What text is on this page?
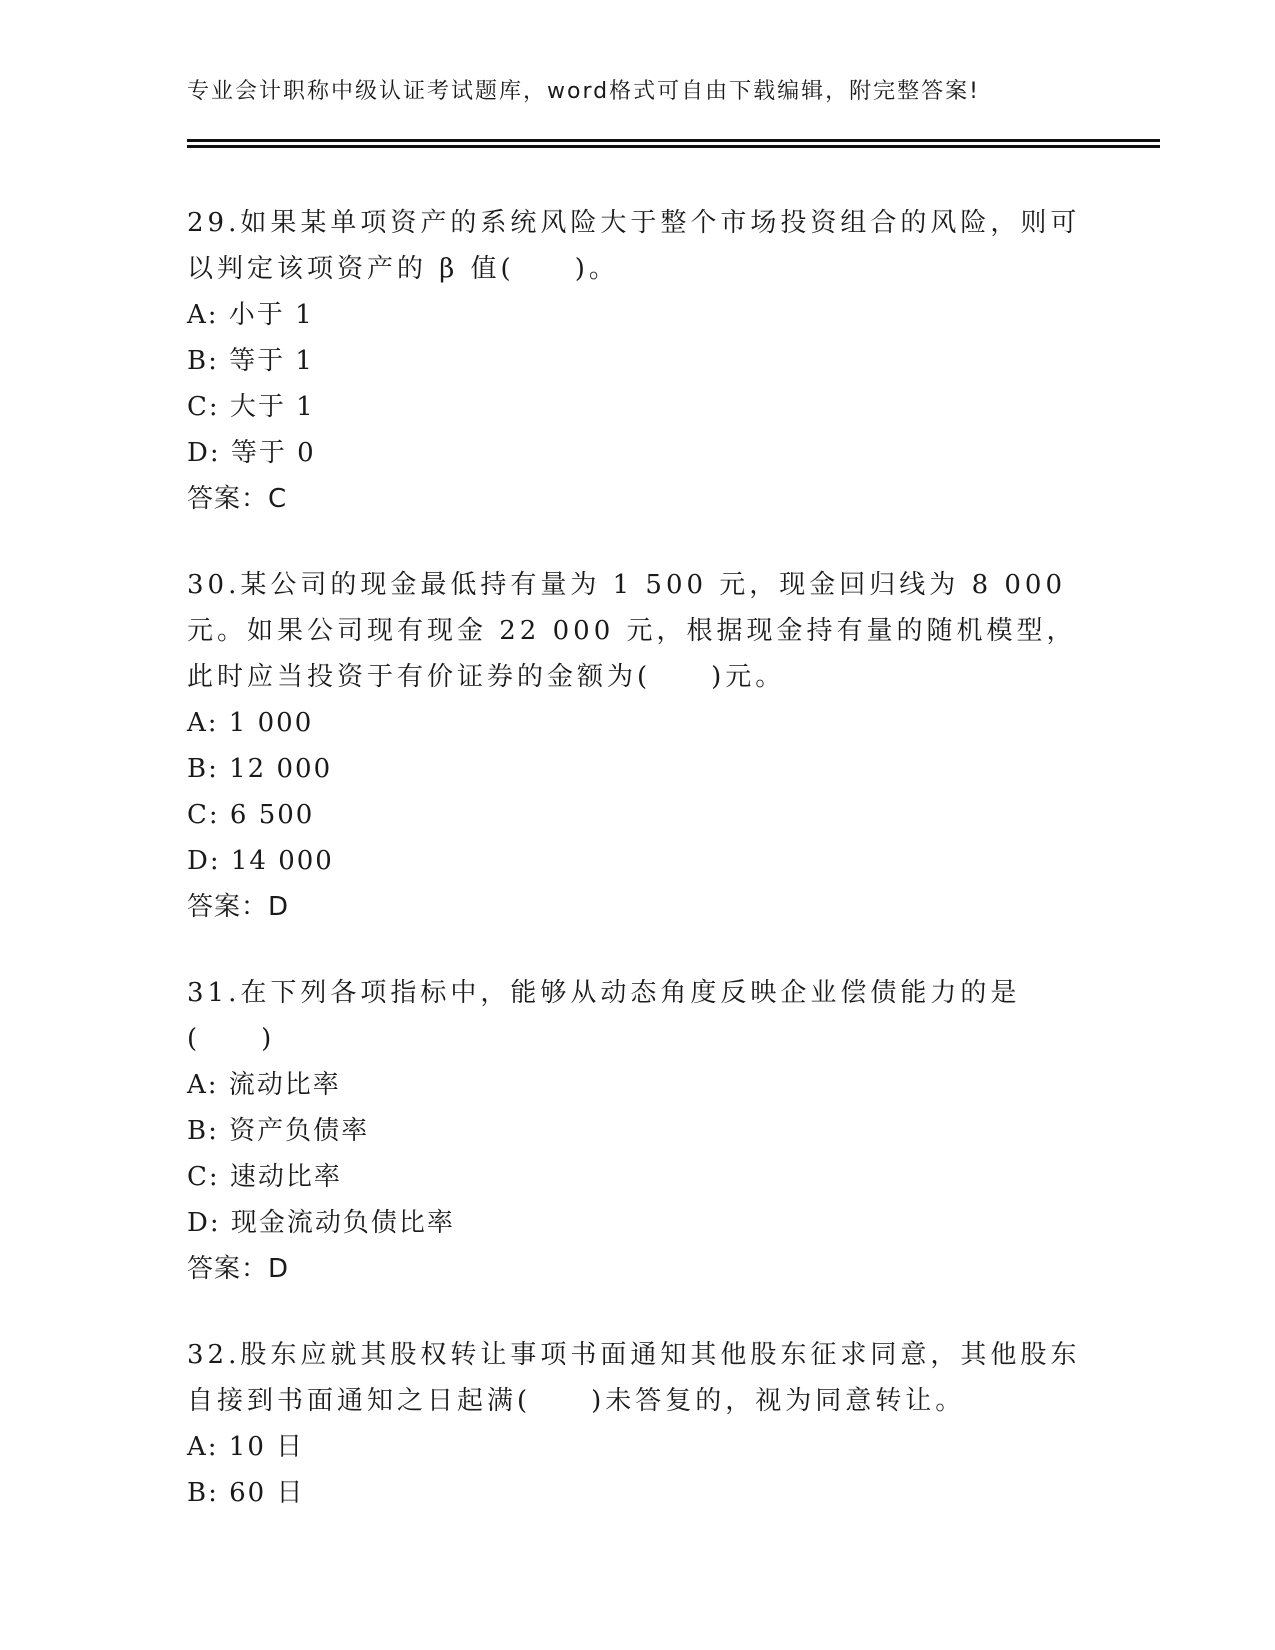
专业会计职称中级认证考试题库，word格式可自由下载编辑，附完整答案!
29.如果某单项资产的系统风险大于整个市场投资组合的风险，则可以判定该项资产的 β 值(　　)。
A: 小于 1
B: 等于 1
C: 大于 1
D: 等于 0
答案：C
30.某公司的现金最低持有量为 1 500 元，现金回归线为 8 000 元。如果公司现有现金 22 000 元，根据现金持有量的随机模型，此时应当投资于有价证券的金额为(　　)元。
A: 1 000
B: 12 000
C: 6 500
D: 14 000
答案：D
31.在下列各项指标中，能够从动态角度反映企业偿债能力的是(　　)
A: 流动比率
B: 资产负债率
C: 速动比率
D: 现金流动负债比率
答案：D
32.股东应就其股权转让事项书面通知其他股东征求同意，其他股东自接到书面通知之日起满(　　)未答复的，视为同意转让。
A: 10 日
B: 60 日
